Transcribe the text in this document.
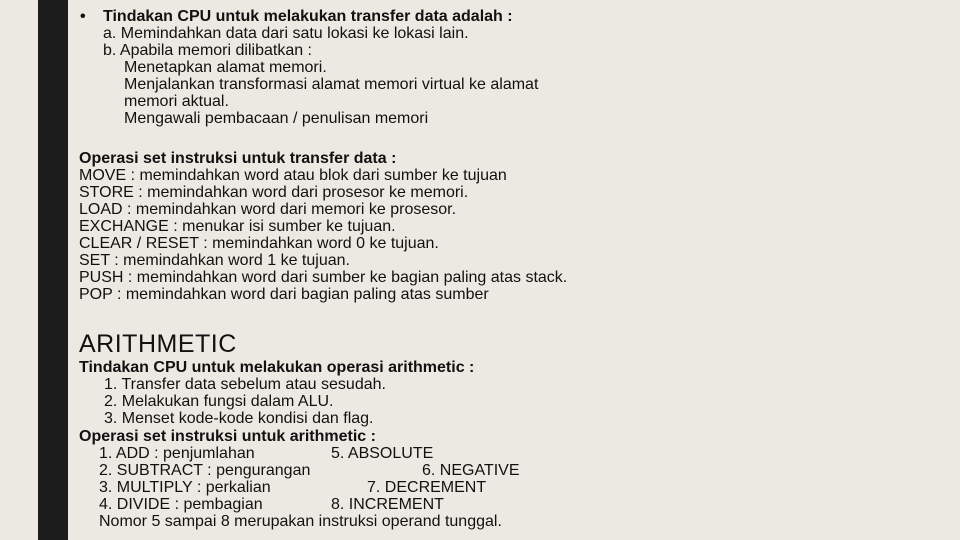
• Tindakan CPU untuk melakukan transfer data adalah :
a. Memindahkan data dari satu lokasi ke lokasi lain.
b. Apabila memori dilibatkan :
Menetapkan alamat memori.
Menjalankan transformasi alamat memori virtual ke alamat
memori aktual.
Mengawali pembacaan / penulisan memori
Operasi set instruksi untuk transfer data :
MOVE : memindahkan word atau blok dari sumber ke tujuan
STORE : memindahkan word dari prosesor ke memori.
LOAD : memindahkan word dari memori ke prosesor.
EXCHANGE : menukar isi sumber ke tujuan.
CLEAR / RESET : memindahkan word 0 ke tujuan.
SET : memindahkan word 1 ke tujuan.
PUSH : memindahkan word dari sumber ke bagian paling atas stack.
POP : memindahkan word dari bagian paling atas sumber
ARITHMETIC
Tindakan CPU untuk melakukan operasi arithmetic :
1. Transfer data sebelum atau sesudah.
2. Melakukan fungsi dalam ALU.
3. Menset kode-kode kondisi dan flag.
Operasi set instruksi untuk arithmetic :
1. ADD : penjumlahan	5. ABSOLUTE
2. SUBTRACT : pengurangan	6. NEGATIVE
3. MULTIPLY : perkalian	7. DECREMENT
4. DIVIDE : pembagian	8. INCREMENT
Nomor 5 sampai 8 merupakan instruksi operand tunggal.
